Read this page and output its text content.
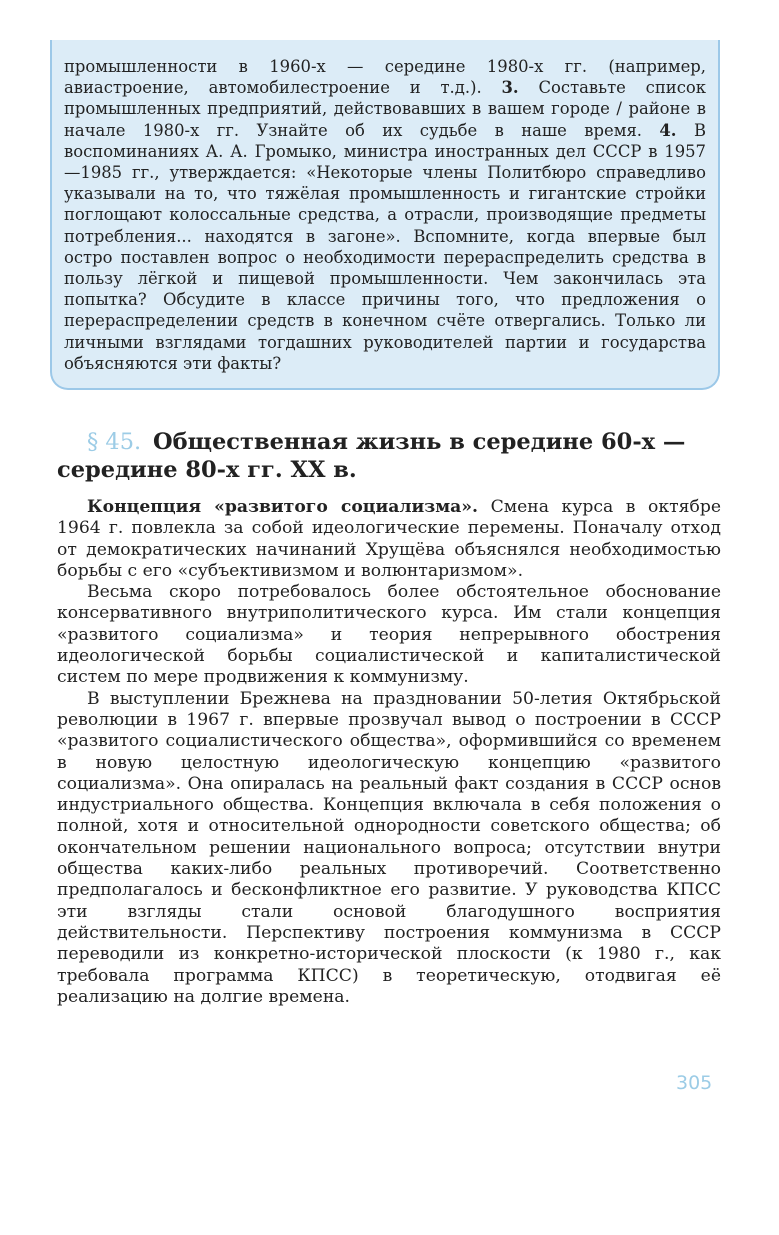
промышленности в 1960-х — середине 1980-х гг. (например, авиастроение, автомобилестроение и т.д.). 3. Составьте список промышленных предприятий, действовавших в вашем городе / районе в начале 1980-х гг. Узнайте об их судьбе в наше время. 4. В воспоминаниях А. А. Громыко, министра иностранных дел СССР в 1957—1985 гг., утверждается: «Некоторые члены Политбюро справедливо указывали на то, что тяжёлая промышленность и гигантские стройки поглощают колоссальные средства, а отрасли, производящие предметы потребления... находятся в загоне». Вспомните, когда впервые был остро поставлен вопрос о необходимости перераспределить средства в пользу лёгкой и пищевой промышленности. Чем закончилась эта попытка? Обсудите в классе причины того, что предложения о перераспределении средств в конечном счёте отвергались. Только ли личными взглядами тогдашних руководителей партии и государства объясняются эти факты?

§ 45. Общественная жизнь в середине 60-х — середине 80-х гг. XX в.

Концепция «развитого социализма». Смена курса в октябре 1964 г. повлекла за собой идеологические перемены. Поначалу отход от демократических начинаний Хрущёва объяснялся необходимостью борьбы с его «субъективизмом и волюнтаризмом».

Весьма скоро потребовалось более обстоятельное обоснование консервативного внутриполитического курса. Им стали концепция «развитого социализма» и теория непрерывного обострения идеологической борьбы социалистической и капиталистической систем по мере продвижения к коммунизму.

В выступлении Брежнева на праздновании 50-летия Октябрьской революции в 1967 г. впервые прозвучал вывод о построении в СССР «развитого социалистического общества», оформившийся со временем в новую целостную идеологическую концепцию «развитого социализма». Она опиралась на реальный факт создания в СССР основ индустриального общества. Концепция включала в себя положения о полной, хотя и относительной однородности советского общества; об окончательном решении национального вопроса; отсутствии внутри общества каких-либо реальных противоречий. Соответственно предполагалось и бесконфликтное его развитие. У руководства КПСС эти взгляды стали основой благодушного восприятия действительности. Перспективу построения коммунизма в СССР переводили из конкретно-исторической плоскости (к 1980 г., как требовала программа КПСС) в теоретическую, отодвигая её реализацию на долгие времена.

305
